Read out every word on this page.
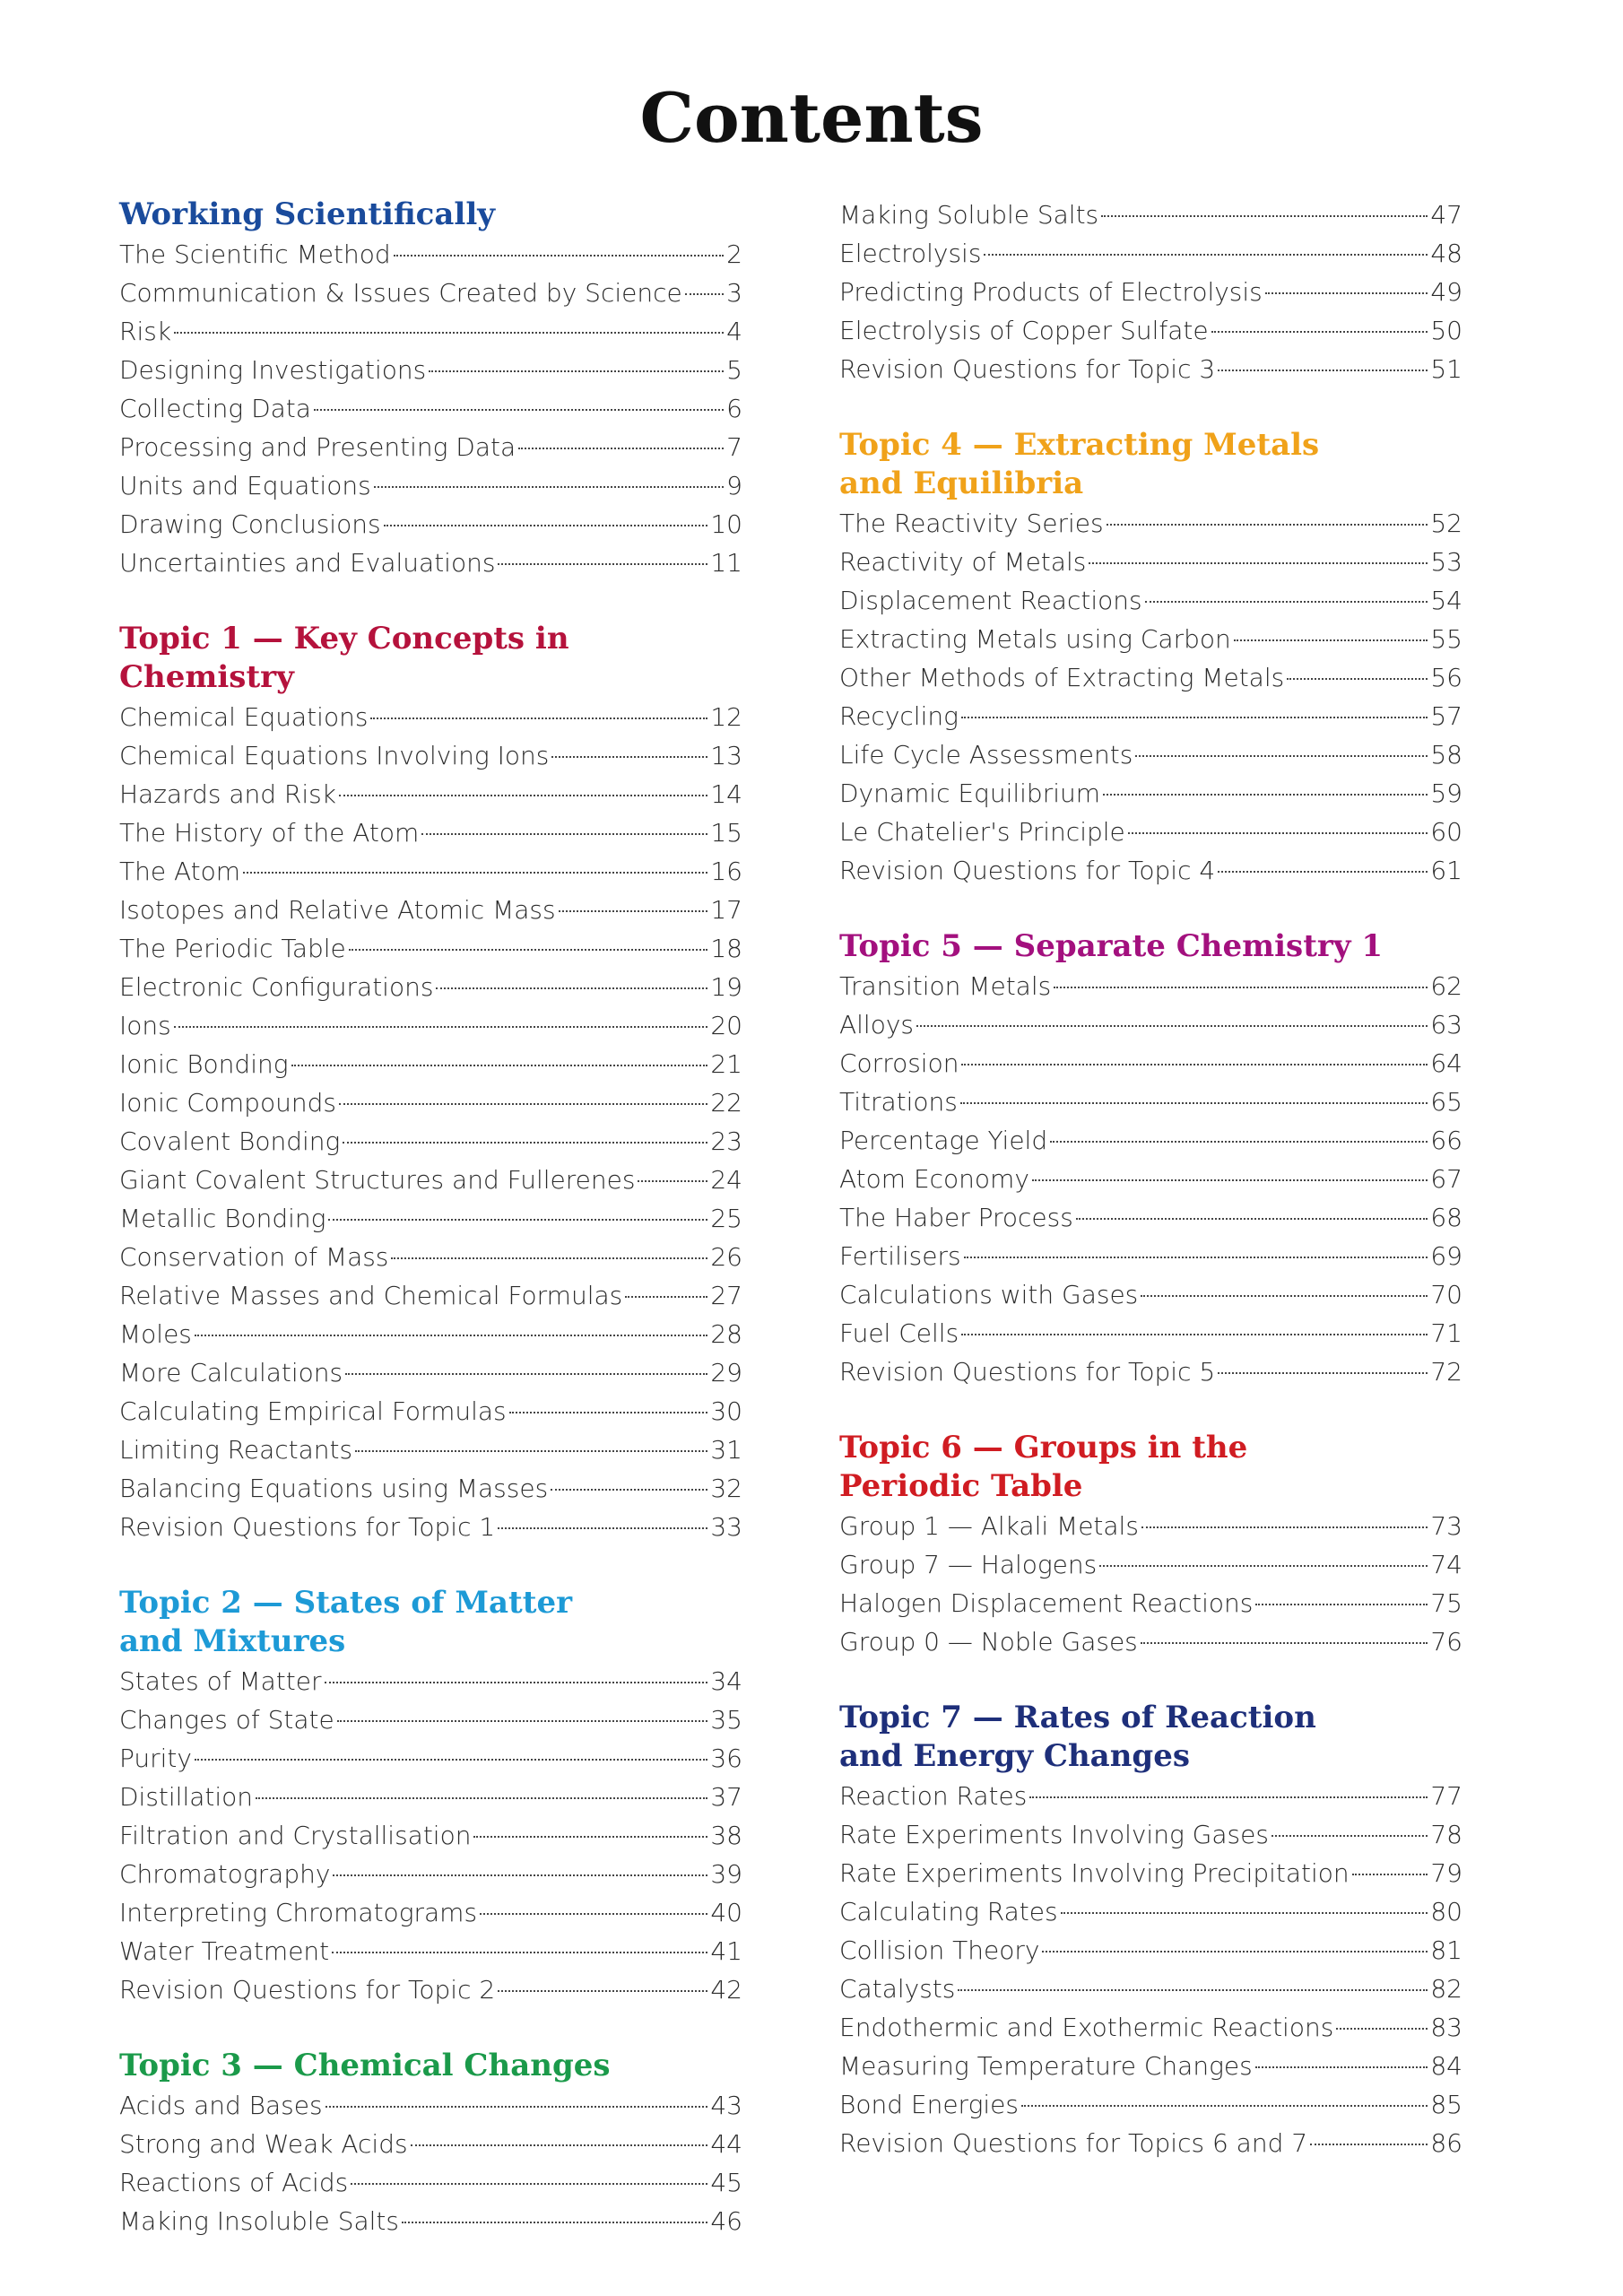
Contents
Working Scientifically
The Scientific Method	2
Communication & Issues Created by Science 3
Risk	4
Designing Investigations	5
Collecting Data	6
Processing and Presenting Data	7
Units and Equations	9
Drawing Conclusions	10
Uncertainties and Evaluations	11
Topic 1 — Key Concepts in Chemistry
Chemical Equations	12
Chemical Equations Involving Ions	13
Hazards and Risk	14
The History of the Atom	15
The Atom	16
Isotopes and Relative Atomic Mass	17
The Periodic Table	18
Electronic Configurations	19
Ions	20
Ionic Bonding	21
Ionic Compounds	22
Covalent Bonding	23
Giant Covalent Structures and Fullerenes	24
Metallic Bonding	25
Conservation of Mass	26
Relative Masses and Chemical Formulas	27
Moles	28
More Calculations	29
Calculating Empirical Formulas	30
Limiting Reactants	31
Balancing Equations using Masses	32
Revision Questions for Topic 1	33
Topic 2 — States of Matter
and Mixtures
States of Matter	34
Changes of State	35
Purity	36
Distillation	37
Filtration and Crystallisation	38
Chromatography	39
Interpreting Chromatograms	40
Water Treatment	41
Revision Questions for Topic 2	42
Topic 3 — Chemical Changes
Acids and Bases	43
Strong and Weak Acids	44
Reactions of Acids	45
Making Insoluble Salts	46
Making Soluble Salts	47
Electrolysis	48
Predicting Products of Electrolysis	49
Electrolysis of Copper Sulfate	50
Revision Questions for Topic 3	51
Topic 4 — Extracting Metals
and Equilibria
The Reactivity Series	52
Reactivity of Metals	53
Displacement Reactions	54
Extracting Metals using Carbon	55
Other Methods of Extracting Metals	56
Recycling	57
Life Cycle Assessments	58
Dynamic Equilibrium	59
Le Chatelier's Principle	60
Revision Questions for Topic 4	61
Topic 5 — Separate Chemistry 1
Transition Metals	62
Alloys	63
Corrosion	64
Titrations	65
Percentage Yield	66
Atom Economy	67
The Haber Process	68
Fertilisers	69
Calculations with Gases	70
Fuel Cells	71
Revision Questions for Topic 5	72
Topic 6 — Groups in the
Periodic Table
Group 1 — Alkali Metals	73
Group 7 — Halogens	74
Halogen Displacement Reactions	75
Group 0 — Noble Gases	76
Topic 7 — Rates of Reaction
and Energy Changes
Reaction Rates	77
Rate Experiments Involving Gases	78
Rate Experiments Involving Precipitation	79
Calculating Rates	80
Collision Theory	81
Catalysts	82
Endothermic and Exothermic Reactions	83
Measuring Temperature Changes	84
Bond Energies	85
Revision Questions for Topics 6 and 7	86
